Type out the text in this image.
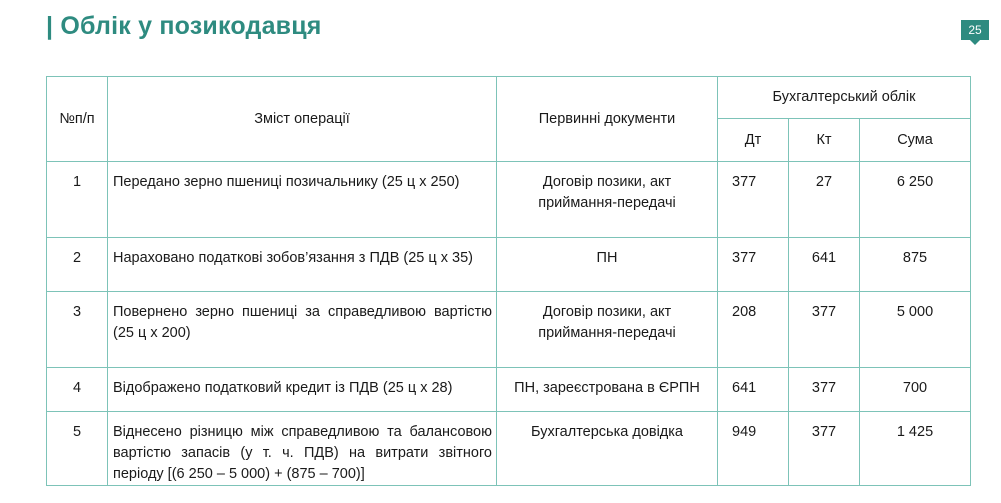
| Облік у позикодавця	25
№п/п	Зміст операції	Первинні документи	Бухгалтерський облік		
			Дт	Кт	Сума
1	Передано зерно пшениці позичальнику (25 ц х 250)	Договір позики, акт приймання-передачі	377	27	6 250
2	Нараховано податкові зобов’язання з ПДВ (25 ц х 35)	ПН	377	641	875
3	Повернено зерно пшениці за справедливою вартістю (25 ц х 200)	Договір позики, акт приймання-передачі	208	377	5 000
4	Відображено податковий кредит із ПДВ (25 ц х 28)	ПН, зареєстрована в ЄРПН	641	377	700
5	Віднесено різницю між справедливою та балансовою вартістю запасів (у т. ч. ПДВ) на витрати звітного періоду [(6 250 – 5 000) + (875 – 700)]	Бухгалтерська довідка	949	377	1 425
